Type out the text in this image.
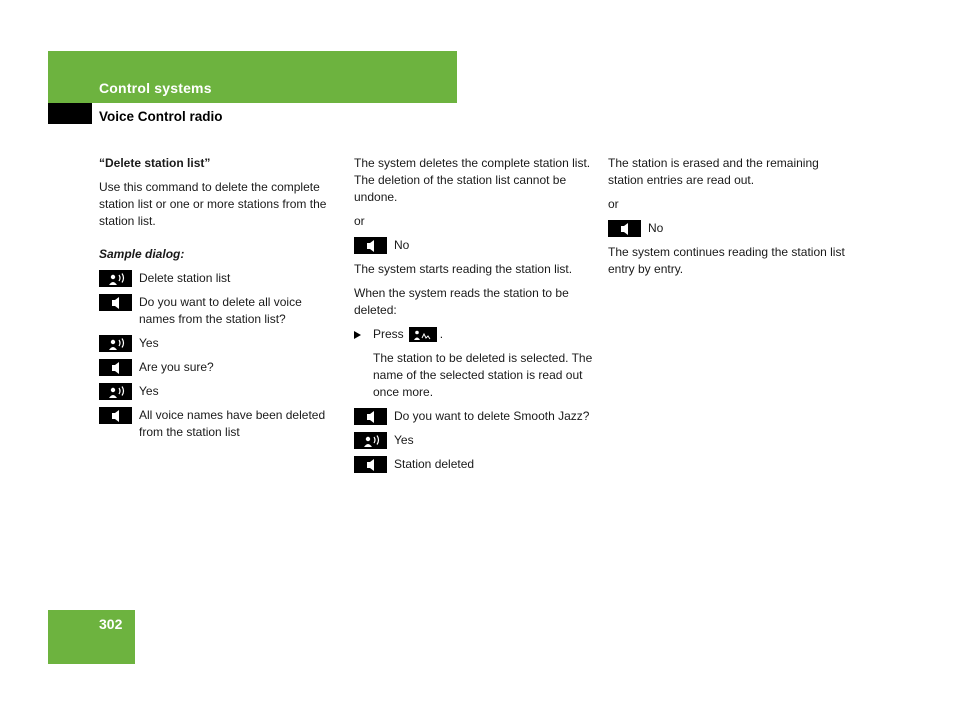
Control systems
Voice Control radio
“Delete station list”
Use this command to delete the complete station list or one or more stations from the station list.
Sample dialog:
Delete station list
Do you want to delete all voice names from the station list?
Yes
Are you sure?
Yes
All voice names have been deleted from the station list
The system deletes the complete station list. The deletion of the station list cannot be undone.
or
No
The system starts reading the station list.
When the system reads the station to be deleted:
Press	.
The station to be deleted is selected. The name of the selected station is read out once more.
Do you want to delete Smooth Jazz?
Yes
Station deleted
The station is erased and the remaining station entries are read out.
or
No
The system continues reading the station list entry by entry.
302
